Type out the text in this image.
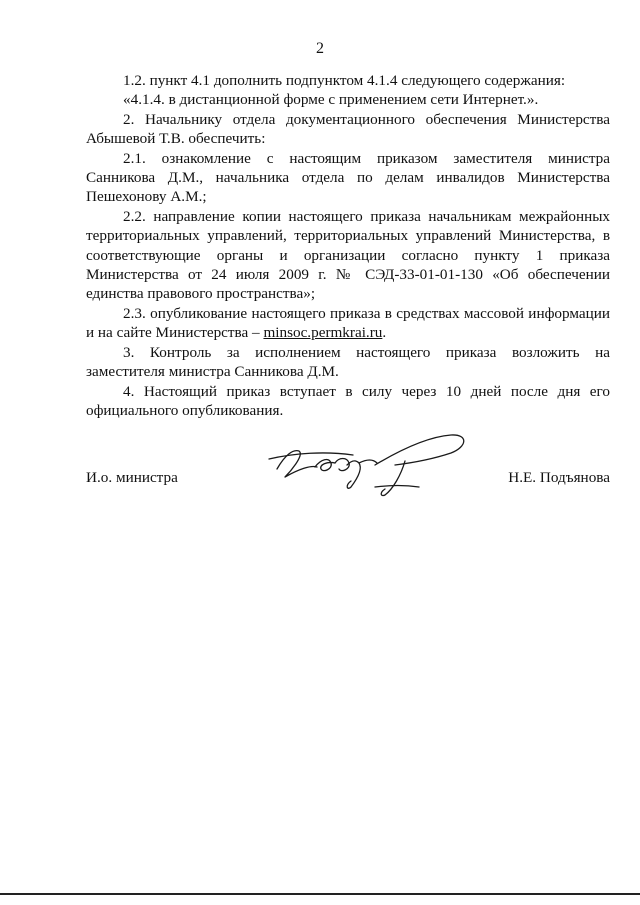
2

1.2. пункт 4.1 дополнить подпунктом 4.1.4 следующего содержания:

«4.1.4. в дистанционной форме с применением сети Интернет.».

2. Начальнику отдела документационного обеспечения Министерства Абышевой Т.В. обеспечить:

2.1. ознакомление с настоящим приказом заместителя министра Санникова Д.М., начальника отдела по делам инвалидов Министерства Пешехонову А.М.;

2.2. направление копии настоящего приказа начальникам межрайонных территориальных управлений, территориальных управлений Министерства, в соответствующие органы и организации согласно пункту 1 приказа Министерства от 24 июля 2009 г. № СЭД-33-01-01-130 «Об обеспечении единства правового пространства»;

2.3. опубликование настоящего приказа в средствах массовой информации и на сайте Министерства – minsoc.permkrai.ru.

3. Контроль за исполнением настоящего приказа возложить на заместителя министра Санникова Д.М.

4. Настоящий приказ вступает в силу через 10 дней после дня его официального опубликования.

И.о. министра	Н.Е. Подъянова
